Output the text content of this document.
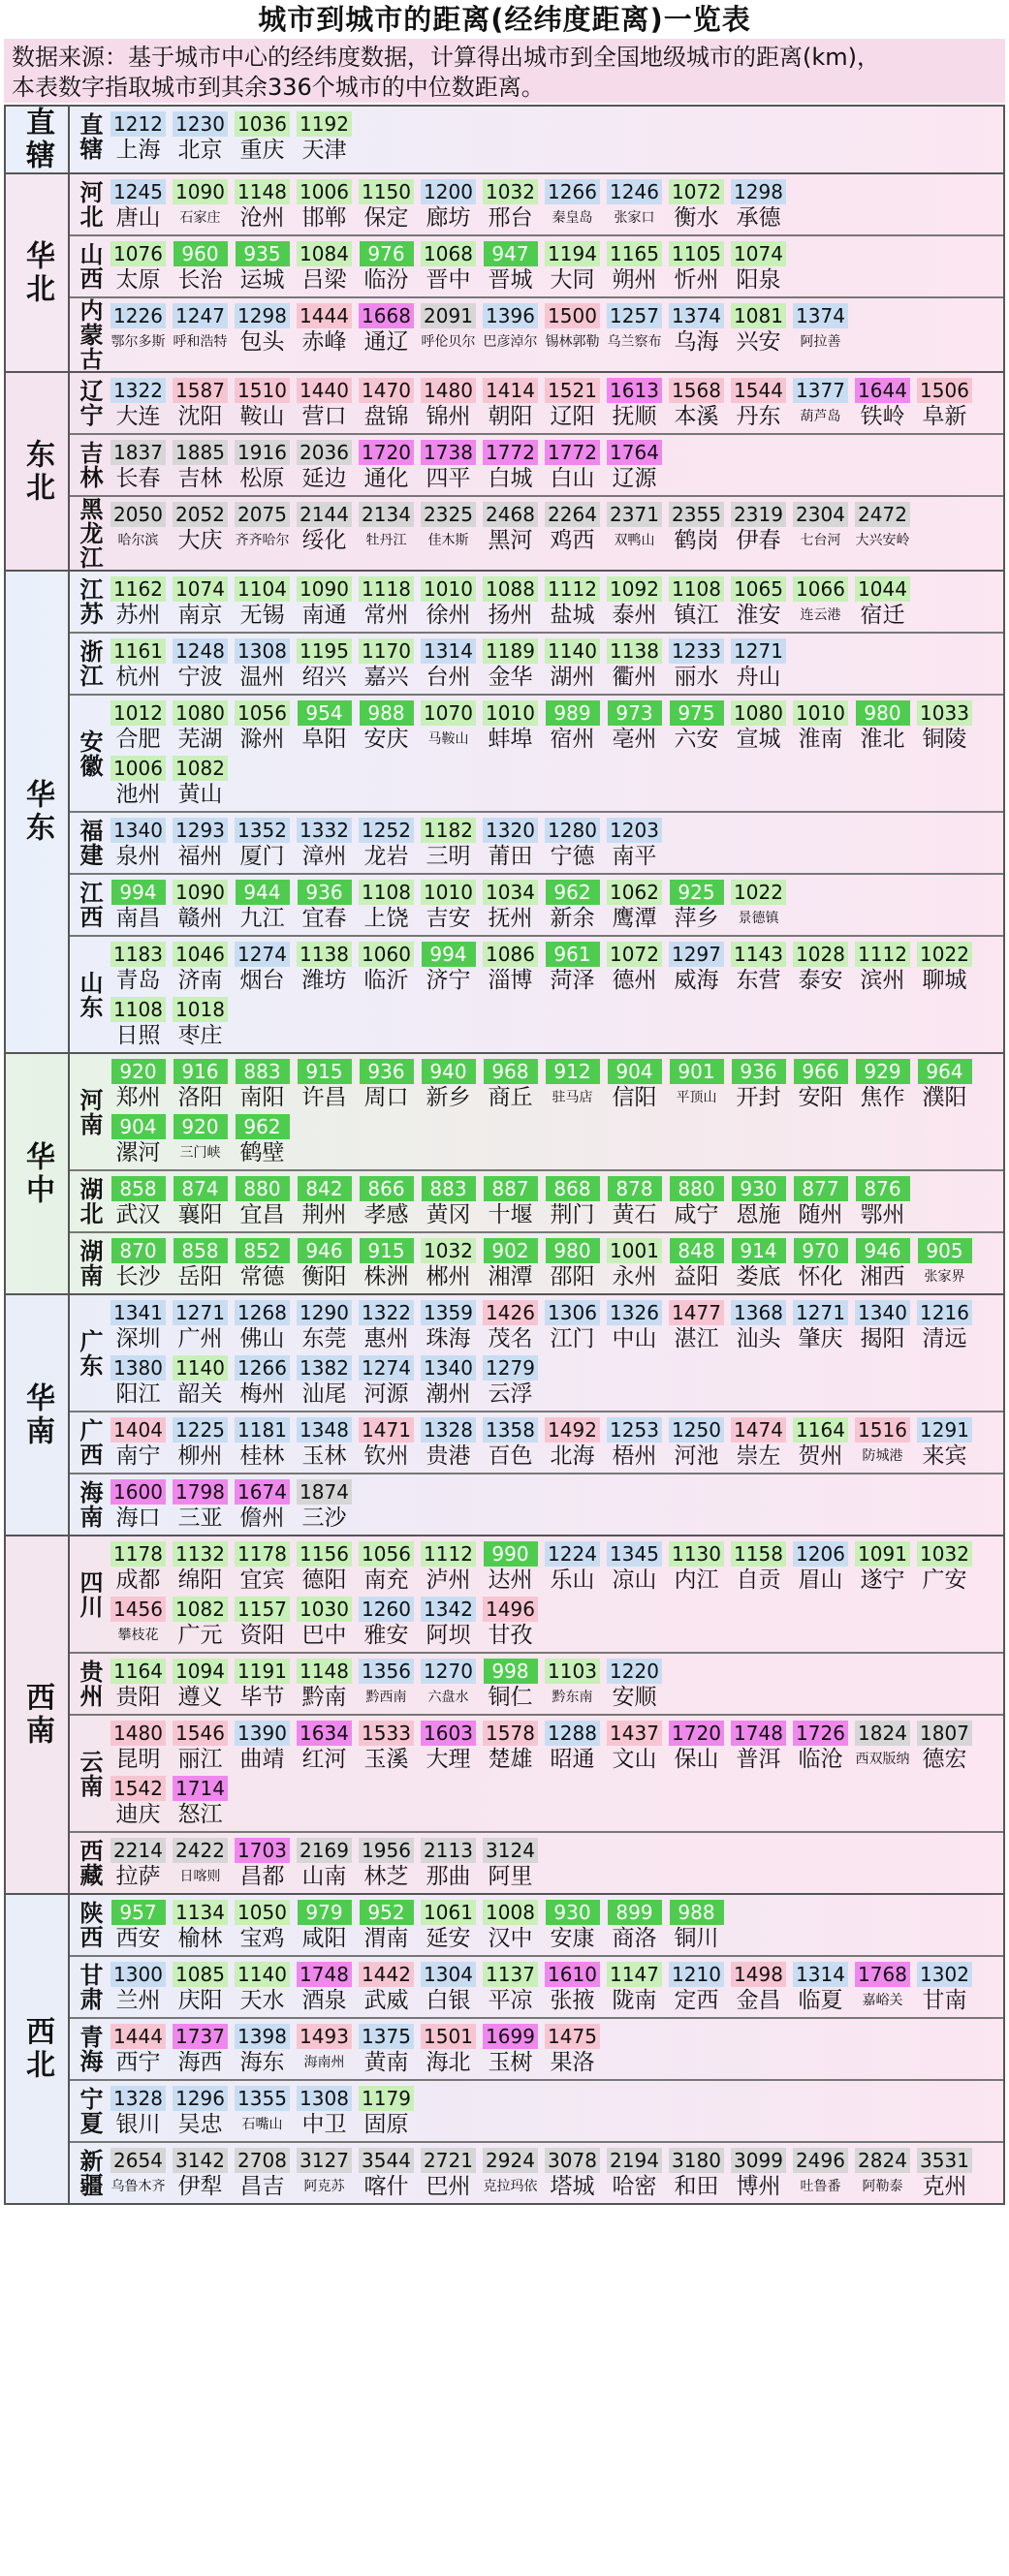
城市到城市的距离(经纬度距离)一览表
数据来源：基于城市中心的经纬度数据，计算得出城市到全国地级城市的距离(km)，
本表数字指取城市到其余336个城市的中位数距离。
直辖 直辖 1212
上海
1230
北京
1036
重庆
1192
天津
华北
河北 1245
唐山
1090
石家庄
1148
沧州
1006
邯郸
1150
保定
1200
廊坊
1032
邢台
1266
秦皇岛
1246
张家口
1072
衡水
1298
承德
山西 1076
太原
960
长治
935
运城
1084
吕梁
976
临汾
1068
晋中
947
晋城
1194
大同
1165
朔州
1105
忻州
1074
阳泉
内蒙古 1226
鄂尔多斯
1247
呼和浩特
1298
包头
1444
赤峰
1668
通辽
2091
呼伦贝尔
1396
巴彦淖尔
1500
锡林郭勒
1257
乌兰察布
1374
乌海
1081
兴安
1374
阿拉善
东北
辽宁 1322
大连
1587
沈阳
1510
鞍山
1440
营口
1470
盘锦
1480
锦州
1414
朝阳
1521
辽阳
1613
抚顺
1568
本溪
1544
丹东
1377
葫芦岛
1644
铁岭
1506
阜新
吉林 1837
长春
1885
吉林
1916
松原
2036
延边
1720
通化
1738
四平
1772
白城
1772
白山
1764
辽源
黑龙江 2050
哈尔滨
2052
大庆
2075
齐齐哈尔
2144
绥化
2134
牡丹江
2325
佳木斯
2468
黑河
2264
鸡西
2371
双鸭山
2355
鹤岗
2319
伊春
2304
七台河
2472
大兴安岭
华东
江苏 1162
苏州
1074
南京
1104
无锡
1090
南通
1118
常州
1010
徐州
1088
扬州
1112
盐城
1092
泰州
1108
镇江
1065
淮安
1066
连云港
1044
宿迁
浙江 1161
杭州
1248
宁波
1308
温州
1195
绍兴
1170
嘉兴
1314
台州
1189
金华
1140
湖州
1138
衢州
1233
丽水
1271
舟山
安徽
1012
合肥
1080
芜湖
1056
滁州
954
阜阳
988
安庆
1070
马鞍山
1010
蚌埠
989
宿州
973
亳州
975
六安
1080
宣城
1010
淮南
980
淮北
1033
铜陵
1006
池州
1082
黄山
福建 1340
泉州
1293
福州
1352
厦门
1332
漳州
1252
龙岩
1182
三明
1320
莆田
1280
宁德
1203
南平
江西 994
南昌
1090
赣州
944
九江
936
宜春
1108
上饶
1010
吉安
1034
抚州
962
新余
1062
鹰潭
925
萍乡
1022
景德镇
山东
1183
青岛
1046
济南
1274
烟台
1138
潍坊
1060
临沂
994
济宁
1086
淄博
961
菏泽
1072
德州
1297
威海
1143
东营
1028
泰安
1112
滨州
1022
聊城
1108
日照
1018
枣庄
华中
河南
920
郑州
916
洛阳
883
南阳
915
许昌
936
周口
940
新乡
968
商丘
912
驻马店
904
信阳
901
平顶山
936
开封
966
安阳
929
焦作
964
濮阳
904
漯河
920
三门峡
962
鹤壁
湖北 858
武汉
874
襄阳
880
宜昌
842
荆州
866
孝感
883
黄冈
887
十堰
868
荆门
878
黄石
880
咸宁
930
恩施
877
随州
876
鄂州
湖南 870
长沙
858
岳阳
852
常德
946
衡阳
915
株洲
1032
郴州
902
湘潭
980
邵阳
1001
永州
848
益阳
914
娄底
970
怀化
946
湘西
905
张家界
华南
广东
1341
深圳
1271
广州
1268
佛山
1290
东莞
1322
惠州
1359
珠海
1426
茂名
1306
江门
1326
中山
1477
湛江
1368
汕头
1271
肇庆
1340
揭阳
1216
清远
1380
阳江
1140
韶关
1266
梅州
1382
汕尾
1274
河源
1340
潮州
1279
云浮
广西 1404
南宁
1225
柳州
1181
桂林
1348
玉林
1471
钦州
1328
贵港
1358
百色
1492
北海
1253
梧州
1250
河池
1474
崇左
1164
贺州
1516
防城港
1291
来宾
海南 1600
海口
1798
三亚
1674
儋州
1874
三沙
西南
四川
1178
成都
1132
绵阳
1178
宜宾
1156
德阳
1056
南充
1112
泸州
990
达州
1224
乐山
1345
凉山
1130
内江
1158
自贡
1206
眉山
1091
遂宁
1032
广安
1456
攀枝花
1082
广元
1157
资阳
1030
巴中
1260
雅安
1342
阿坝
1496
甘孜
贵州 1164
贵阳
1094
遵义
1191
毕节
1148
黔南
1356
黔西南
1270
六盘水
998
铜仁
1103
黔东南
1220
安顺
云南
1480
昆明
1546
丽江
1390
曲靖
1634
红河
1533
玉溪
1603
大理
1578
楚雄
1288
昭通
1437
文山
1720
保山
1748
普洱
1726
临沧
1824
西双版纳
1807
德宏
1542
迪庆
1714
怒江
西藏 2214
拉萨
2422
日喀则
1703
昌都
2169
山南
1956
林芝
2113
那曲
3124
阿里
西北
陕西 957
西安
1134
榆林
1050
宝鸡
979
咸阳
952
渭南
1061
延安
1008
汉中
930
安康
899
商洛
988
铜川
甘肃 1300
兰州
1085
庆阳
1140
天水
1748
酒泉
1442
武威
1304
白银
1137
平凉
1610
张掖
1147
陇南
1210
定西
1498
金昌
1314
临夏
1768
嘉峪关
1302
甘南
青海 1444
西宁
1737
海西
1398
海东
1493
海南州
1375
黄南
1501
海北
1699
玉树
1475
果洛
宁夏 1328
银川
1296
吴忠
1355
石嘴山
1308
中卫
1179
固原
新疆 2654
乌鲁木齐
3142
伊犁
2708
昌吉
3127
阿克苏
3544
喀什
2721
巴州
2924
克拉玛依
3078
塔城
2194
哈密
3180
和田
3099
博州
2496
吐鲁番
2824
阿勒泰
3531
克州
